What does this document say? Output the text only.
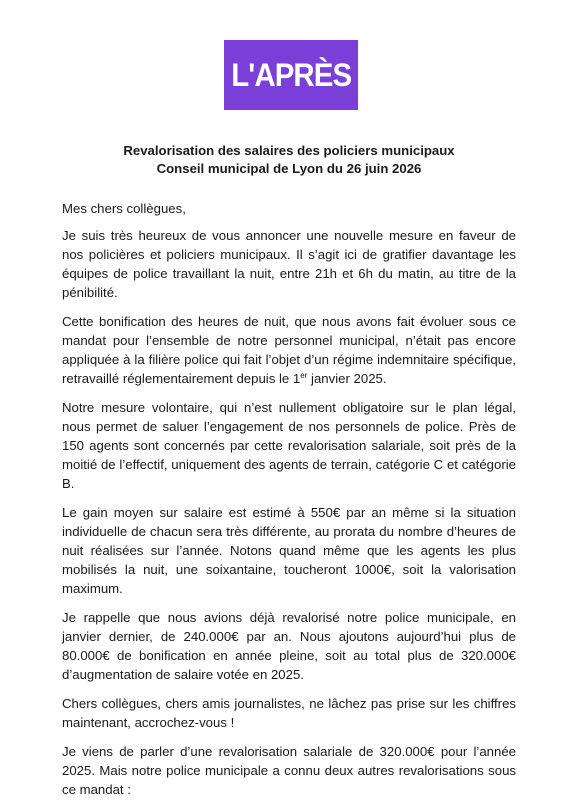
L'APRÈS
Revalorisation des salaires des policiers municipaux
Conseil municipal de Lyon du 26 juin 2026

Mes chers collègues,

Je suis très heureux de vous annoncer une nouvelle mesure en faveur de nos policières et policiers municipaux. Il s’agit ici de gratifier davantage les équipes de police travaillant la nuit, entre 21h et 6h du matin, au titre de la pénibilité.

Cette bonification des heures de nuit, que nous avons fait évoluer sous ce mandat pour l’ensemble de notre personnel municipal, n’était pas encore appliquée à la filière police qui fait l’objet d’un régime indemnitaire spécifique, retravaillé réglementairement depuis le 1er janvier 2025.

Notre mesure volontaire, qui n’est nullement obligatoire sur le plan légal, nous permet de saluer l’engagement de nos personnels de police. Près de 150 agents sont concernés par cette revalorisation salariale, soit près de la moitié de l’effectif, uniquement des agents de terrain, catégorie C et catégorie B.

Le gain moyen sur salaire est estimé à 550€ par an même si la situation individuelle de chacun sera très différente, au prorata du nombre d’heures de nuit réalisées sur l’année. Notons quand même que les agents les plus mobilisés la nuit, une soixantaine, toucheront 1000€, soit la valorisation maximum.

Je rappelle que nous avions déjà revalorisé notre police municipale, en janvier dernier, de 240.000€ par an. Nous ajoutons aujourd’hui plus de 80.000€ de bonification en année pleine, soit au total plus de 320.000€ d’augmentation de salaire votée en 2025.

Chers collègues, chers amis journalistes, ne lâchez pas prise sur les chiffres maintenant, accrochez-vous !

Je viens de parler d’une revalorisation salariale de 320.000€ pour l’année 2025. Mais notre police municipale a connu deux autres revalorisations sous ce mandat :
